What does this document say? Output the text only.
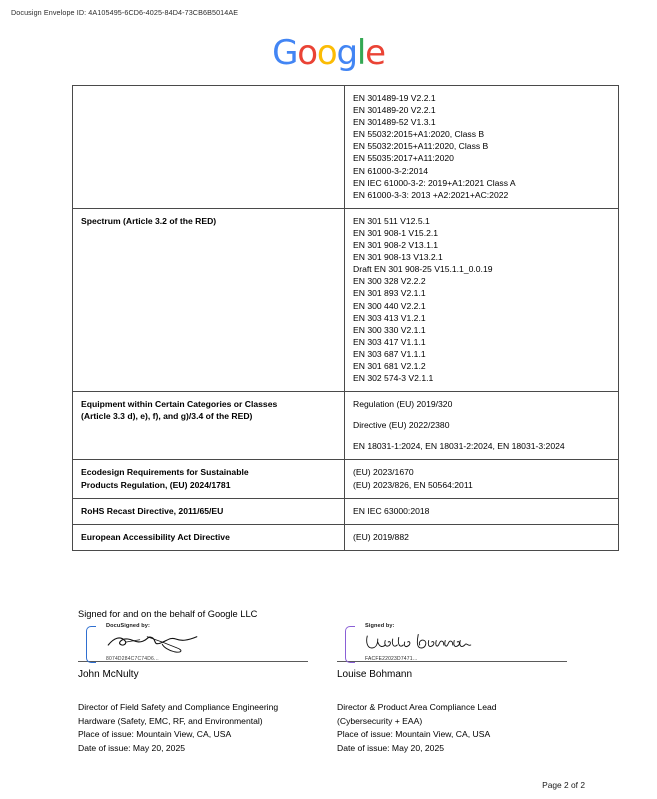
Docusign Envelope ID: 4A105495-6CD6-4025-84D4-73CB6B5014AE
Google

EN 301489-19 V2.2.1
EN 301489-20 V2.2.1
EN 301489-52 V1.3.1
EN 55032:2015+A1:2020, Class B
EN 55032:2015+A11:2020, Class B
EN 55035:2017+A11:2020
EN 61000-3-2:2014
EN IEC 61000-3-2: 2019+A1:2021 Class A
EN 61000-3-3: 2013 +A2:2021+AC:2022

Spectrum (Article 3.2 of the RED)	EN 301 511 V12.5.1
EN 301 908-1 V15.2.1
EN 301 908-2 V13.1.1
EN 301 908-13 V13.2.1
Draft EN 301 908-25 V15.1.1_0.0.19
EN 300 328 V2.2.2
EN 301 893 V2.1.1
EN 300 440 V2.2.1
EN 303 413 V1.2.1
EN 300 330 V2.1.1
EN 303 417 V1.1.1
EN 303 687 V1.1.1
EN 301 681 V2.1.2
EN 302 574-3 V2.1.1

Equipment within Certain Categories or Classes
(Article 3.3 d), e), f), and g)/3.4 of the RED)	Regulation (EU) 2019/320
Directive (EU) 2022/2380
EN 18031-1:2024, EN 18031-2:2024, EN 18031-3:2024

Ecodesign Requirements for Sustainable
Products Regulation, (EU) 2024/1781	(EU) 2023/1670
(EU) 2023/826, EN 50564:2011

RoHS Recast Directive, 2011/65/EU	EN IEC 63000:2018

European Accessibility Act Directive	(EU) 2019/882
Signed for and on the behalf of Google LLC
DocuSigned by:
8074D284C7C74D6...
John McNulty
Director of Field Safety and Compliance Engineering
Hardware (Safety, EMC, RF, and Environmental)
Place of issue: Mountain View, CA, USA
Date of issue: May 20, 2025
Signed by:
FACFE22023D7471...
Louise Bohmann
Director & Product Area Compliance Lead
(Cybersecurity + EAA)
Place of issue: Mountain View, CA, USA
Date of issue: May 20, 2025
Page 2 of 2
